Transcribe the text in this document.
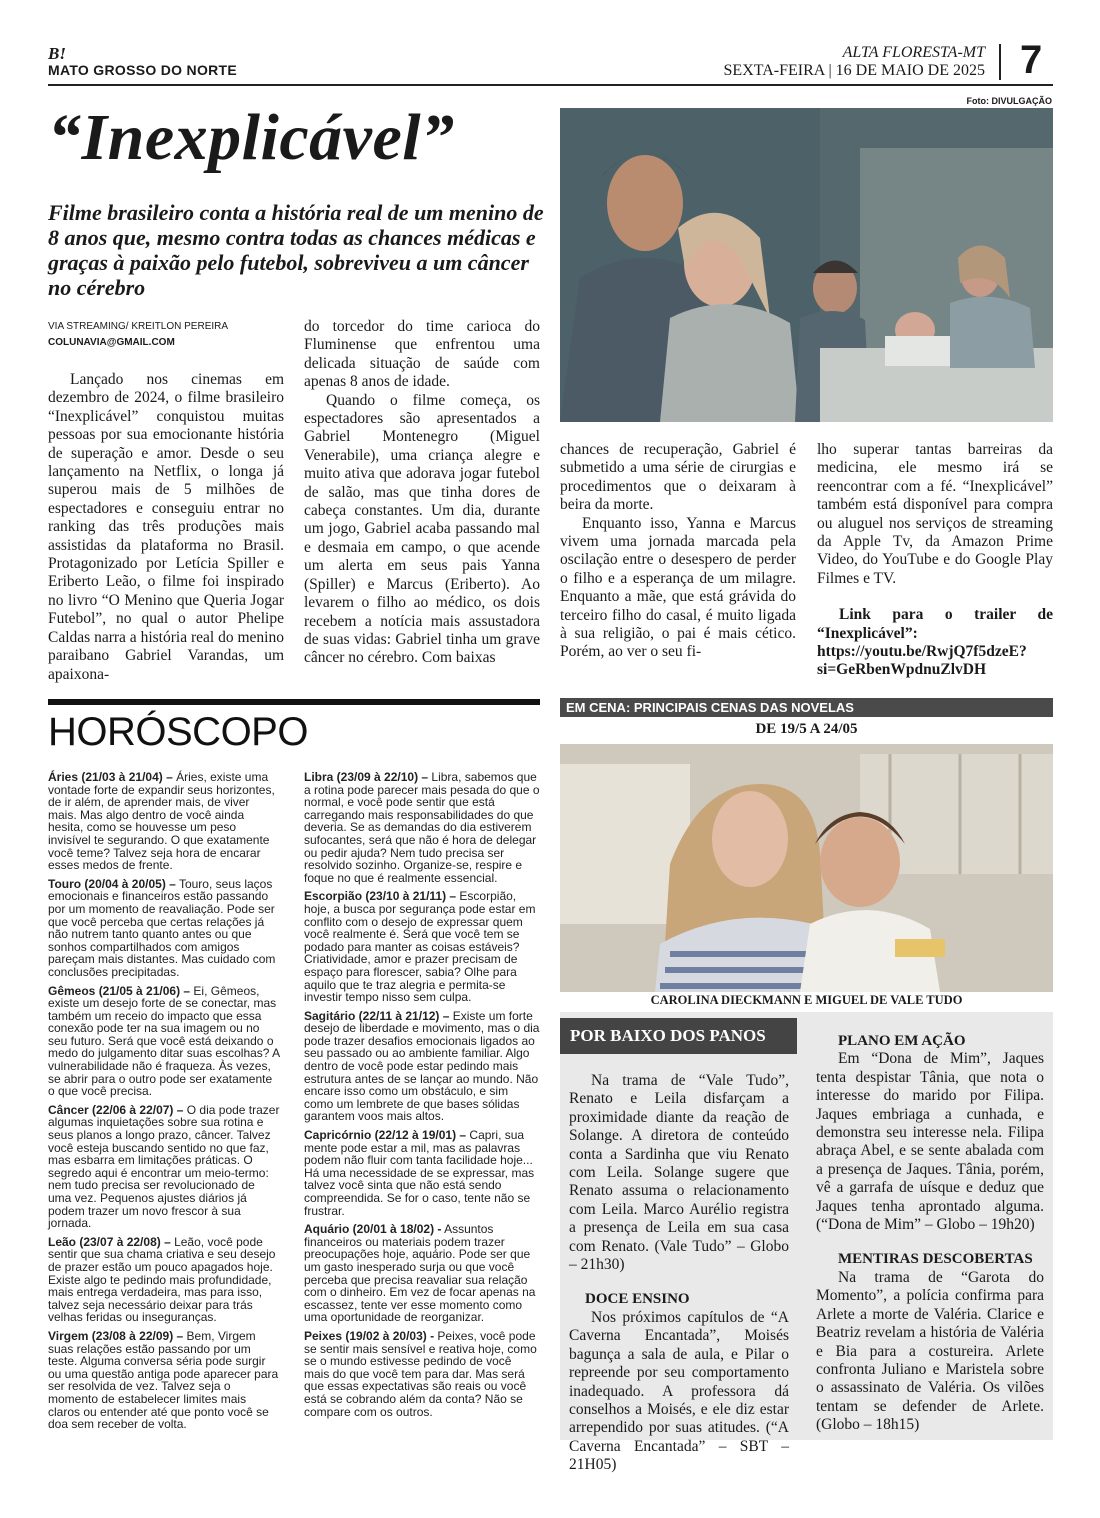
B!
MATO GROSSO DO NORTE
ALTA FLORESTA-MT
SEXTA-FEIRA | 16 DE MAIO DE 2025 7
“Inexplicável”
Filme brasileiro conta a história real de um menino de 8 anos que, mesmo contra todas as chances médicas e graças à paixão pelo futebol, sobreviveu a um câncer no cérebro
Foto: DIVULGAÇÃO
VIA STREAMING/ KREITLON PEREIRA
COLUNAVIA@GMAIL.COM

Lançado nos cinemas em dezembro de 2024, o filme brasileiro “Inexplicável” conquistou muitas pessoas por sua emocionante história de superação e amor. Desde o seu lançamento na Netflix, o longa já superou mais de 5 milhões de espectadores e conseguiu entrar no ranking das três produções mais assistidas da plataforma no Brasil. Protagonizado por Letícia Spiller e Eriberto Leão, o filme foi inspirado no livro “O Menino que Queria Jogar Futebol”, no qual o autor Phelipe Caldas narra a história real do menino paraibano Gabriel Varandas, um apaixona-

do torcedor do time carioca do Fluminense que enfrentou uma delicada situação de saúde com apenas 8 anos de idade.

Quando o filme começa, os espectadores são apresentados a Gabriel Montenegro (Miguel Venerabile), uma criança alegre e muito ativa que adorava jogar futebol de salão, mas que tinha dores de cabeça constantes. Um dia, durante um jogo, Gabriel acaba passando mal e desmaia em campo, o que acende um alerta em seus pais Yanna (Spiller) e Marcus (Eriberto). Ao levarem o filho ao médico, os dois recebem a notícia mais assustadora de suas vidas: Gabriel tinha um grave câncer no cérebro. Com baixas

chances de recuperação, Gabriel é submetido a uma série de cirurgias e procedimentos que o deixaram à beira da morte.

Enquanto isso, Yanna e Marcus vivem uma jornada marcada pela oscilação entre o desespero de perder o filho e a esperança de um milagre. Enquanto a mãe, que está grávida do terceiro filho do casal, é muito ligada à sua religião, o pai é mais cético. Porém, ao ver o seu fi-

lho superar tantas barreiras da medicina, ele mesmo irá se reencontrar com a fé. “Inexplicável” também está disponível para compra ou aluguel nos serviços de streaming da Apple Tv, da Amazon Prime Video, do YouTube e do Google Play Filmes e TV.

Link para o trailer de “Inexplicável”: https://youtu.be/RwjQ7f5dzeE?si=GeRbenWpdnuZlvDH

HORÓSCOPO

Áries (21/03 à 21/04) – Áries, existe uma vontade forte de expandir seus horizontes, de ir além, de aprender mais, de viver mais. Mas algo dentro de você ainda hesita, como se houvesse um peso invisível te segurando. O que exatamente você teme? Talvez seja hora de encarar esses medos de frente.

Touro (20/04 à 20/05) – Touro, seus laços emocionais e financeiros estão passando por um momento de reavaliação. Pode ser que você perceba que certas relações já não nutrem tanto quanto antes ou que sonhos compartilhados com amigos pareçam mais distantes. Mas cuidado com conclusões precipitadas.

Gêmeos (21/05 à 21/06) – Ei, Gêmeos, existe um desejo forte de se conectar, mas também um receio do impacto que essa conexão pode ter na sua imagem ou no seu futuro. Será que você está deixando o medo do julgamento ditar suas escolhas? A vulnerabilidade não é fraqueza. Às vezes, se abrir para o outro pode ser exatamente o que você precisa.

Câncer (22/06 à 22/07) – O dia pode trazer algumas inquietações sobre sua rotina e seus planos a longo prazo, câncer. Talvez você esteja buscando sentido no que faz, mas esbarra em limitações práticas. O segredo aqui é encontrar um meio-termo: nem tudo precisa ser revolucionado de uma vez. Pequenos ajustes diários já podem trazer um novo frescor à sua jornada.

Leão (23/07 à 22/08) – Leão, você pode sentir que sua chama criativa e seu desejo de prazer estão um pouco apagados hoje. Existe algo te pedindo mais profundidade, mais entrega verdadeira, mas para isso, talvez seja necessário deixar para trás velhas feridas ou inseguranças.

Virgem (23/08 à 22/09) – Bem, Virgem suas relações estão passando por um teste. Alguma conversa séria pode surgir ou uma questão antiga pode aparecer para ser resolvida de vez. Talvez seja o momento de estabelecer limites mais claros ou entender até que ponto você se doa sem receber de volta.

Libra (23/09 à 22/10) – Libra, sabemos que a rotina pode parecer mais pesada do que o normal, e você pode sentir que está carregando mais responsabilidades do que deveria. Se as demandas do dia estiverem sufocantes, será que não é hora de delegar ou pedir ajuda? Nem tudo precisa ser resolvido sozinho. Organize-se, respire e foque no que é realmente essencial.

Escorpião (23/10 à 21/11) – Escorpião, hoje, a busca por segurança pode estar em conflito com o desejo de expressar quem você realmente é. Será que você tem se podado para manter as coisas estáveis? Criatividade, amor e prazer precisam de espaço para florescer, sabia? Olhe para aquilo que te traz alegria e permita-se investir tempo nisso sem culpa.

Sagitário (22/11 à 21/12) – Existe um forte desejo de liberdade e movimento, mas o dia pode trazer desafios emocionais ligados ao seu passado ou ao ambiente familiar. Algo dentro de você pode estar pedindo mais estrutura antes de se lançar ao mundo. Não encare isso como um obstáculo, e sim como um lembrete de que bases sólidas garantem voos mais altos.

Capricórnio (22/12 à 19/01) – Capri, sua mente pode estar a mil, mas as palavras podem não fluir com tanta facilidade hoje... Há uma necessidade de se expressar, mas talvez você sinta que não está sendo compreendida. Se for o caso, tente não se frustrar.

Aquário (20/01 à 18/02) - Assuntos financeiros ou materiais podem trazer preocupações hoje, aquário. Pode ser que um gasto inesperado surja ou que você perceba que precisa reavaliar sua relação com o dinheiro. Em vez de focar apenas na escassez, tente ver esse momento como uma oportunidade de reorganizar.

Peixes (19/02 à 20/03) - Peixes, você pode se sentir mais sensível e reativa hoje, como se o mundo estivesse pedindo de você mais do que você tem para dar. Mas será que essas expectativas são reais ou você está se cobrando além da conta? Não se compare com os outros.

EM CENA: PRINCIPAIS CENAS DAS NOVELAS
DE 19/5 A 24/05
CAROLINA DIECKMANN E MIGUEL DE VALE TUDO
POR BAIXO DOS PANOS

Na trama de “Vale Tudo”, Renato e Leila disfarçam a proximidade diante da reação de Solange. A diretora de conteúdo conta a Sardinha que viu Renato com Leila. Solange sugere que Renato assuma o relacionamento com Leila. Marco Aurélio registra a presença de Leila em sua casa com Renato. (Vale Tudo” – Globo – 21h30)

DOCE ENSINO

Nos próximos capítulos de “A Caverna Encantada”, Moisés bagunça a sala de aula, e Pilar o repreende por seu comportamento inadequado. A professora dá conselhos a Moisés, e ele diz estar arrependido por suas atitudes. (“A Caverna Encantada” – SBT – 21H05)

PLANO EM AÇÃO

Em “Dona de Mim”, Jaques tenta despistar Tânia, que nota o interesse do marido por Filipa. Jaques embriaga a cunhada, e demonstra seu interesse nela. Filipa abraça Abel, e se sente abalada com a presença de Jaques. Tânia, porém, vê a garrafa de uísque e deduz que Jaques tenha aprontado alguma. (“Dona de Mim” – Globo – 19h20)

MENTIRAS DESCOBERTAS

Na trama de “Garota do Momento”, a polícia confirma para Arlete a morte de Valéria. Clarice e Beatriz revelam a história de Valéria e Bia para a costureira. Arlete confronta Juliano e Maristela sobre o assassinato de Valéria. Os vilões tentam se defender de Arlete. (Globo – 18h15)
